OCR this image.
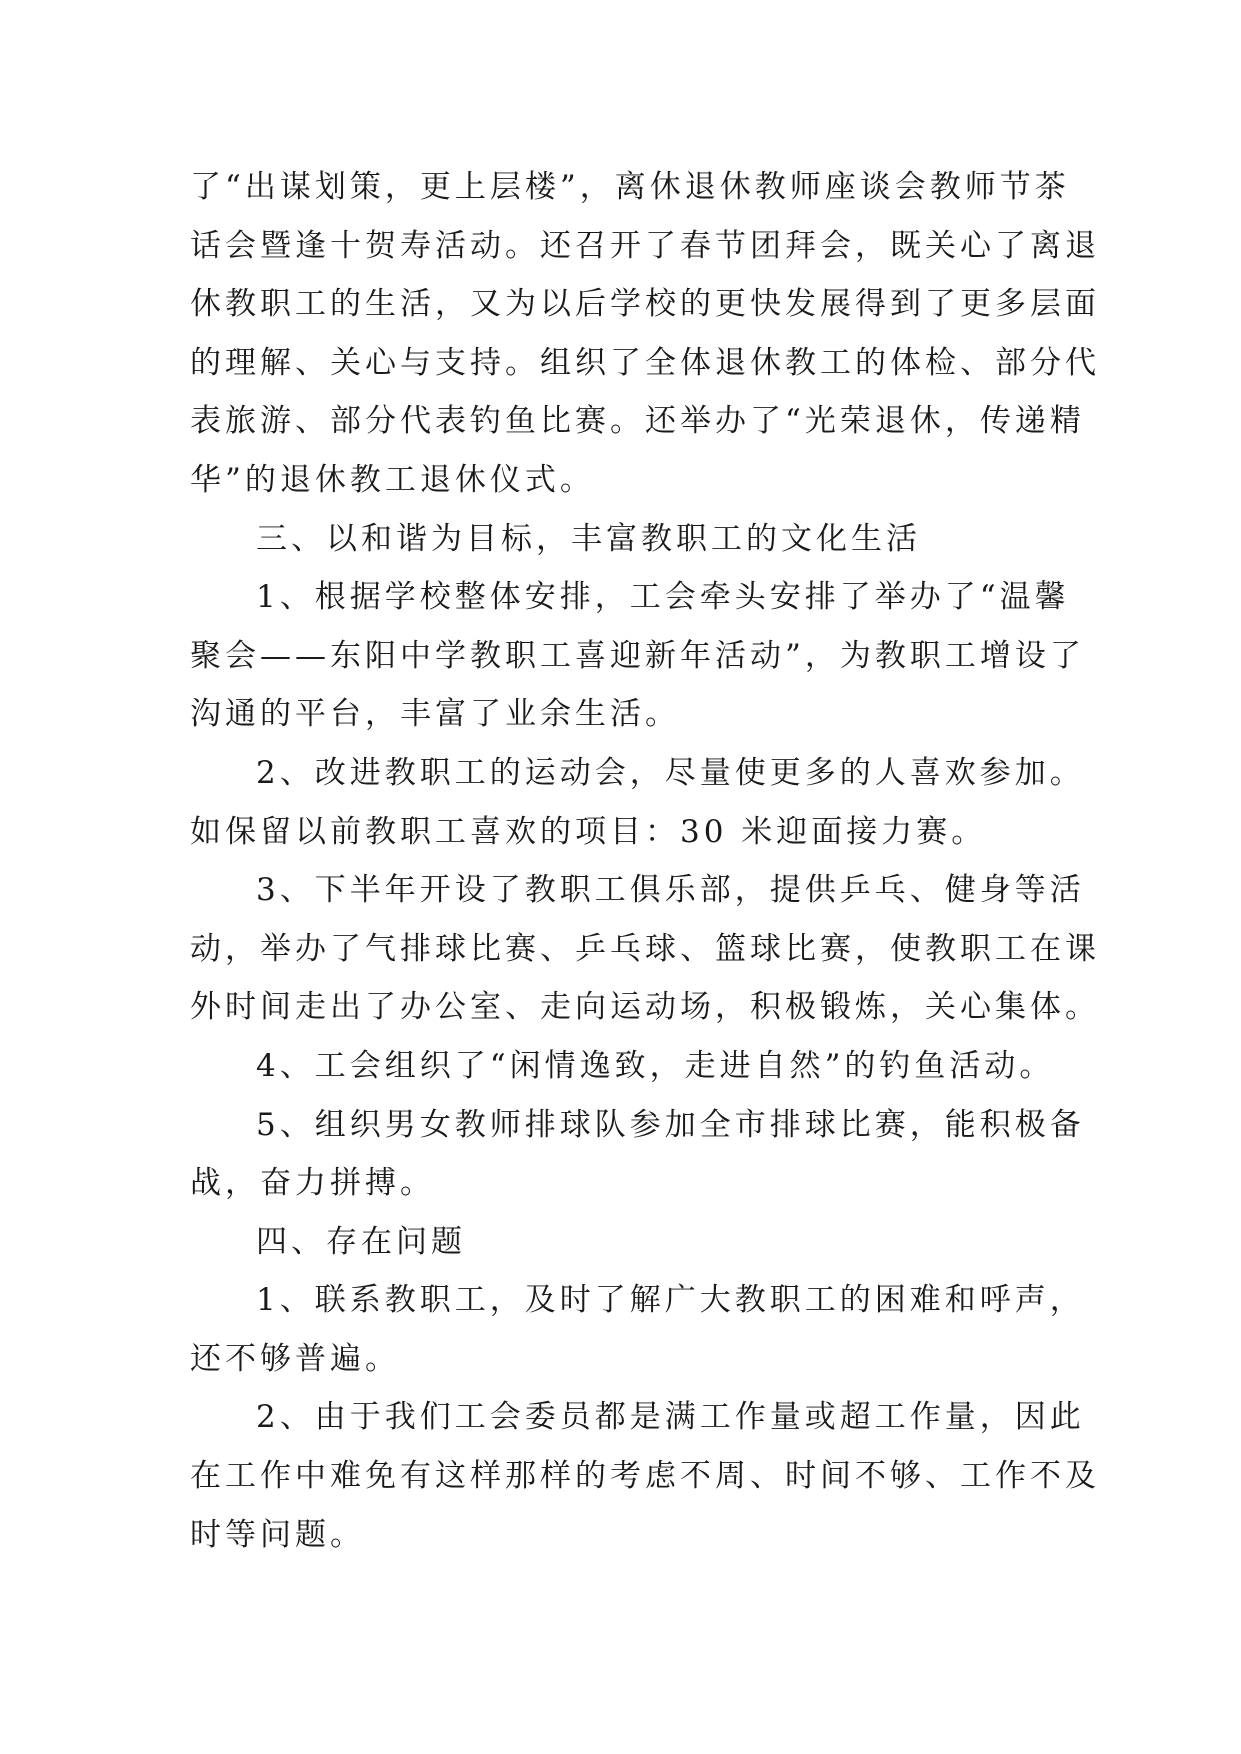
了“出谋划策，更上层楼”，离休退休教师座谈会教师节茶
话会暨逢十贺寿活动。还召开了春节团拜会，既关心了离退
休教职工的生活，又为以后学校的更快发展得到了更多层面
的理解、关心与支持。组织了全体退休教工的体检、部分代
表旅游、部分代表钓鱼比赛。还举办了“光荣退休，传递精
华”的退休教工退休仪式。
三、以和谐为目标，丰富教职工的文化生活
1、根据学校整体安排，工会牵头安排了举办了“温馨
聚会——东阳中学教职工喜迎新年活动”，为教职工增设了
沟通的平台，丰富了业余生活。
2、改进教职工的运动会，尽量使更多的人喜欢参加。
如保留以前教职工喜欢的项目：30 米迎面接力赛。
3、下半年开设了教职工俱乐部，提供乒乓、健身等活
动，举办了气排球比赛、乒乓球、篮球比赛，使教职工在课
外时间走出了办公室、走向运动场，积极锻炼，关心集体。
4、工会组织了“闲情逸致，走进自然”的钓鱼活动。
5、组织男女教师排球队参加全市排球比赛，能积极备
战，奋力拼搏。
四、存在问题
1、联系教职工，及时了解广大教职工的困难和呼声，
还不够普遍。
2、由于我们工会委员都是满工作量或超工作量，因此
在工作中难免有这样那样的考虑不周、时间不够、工作不及
时等问题。
